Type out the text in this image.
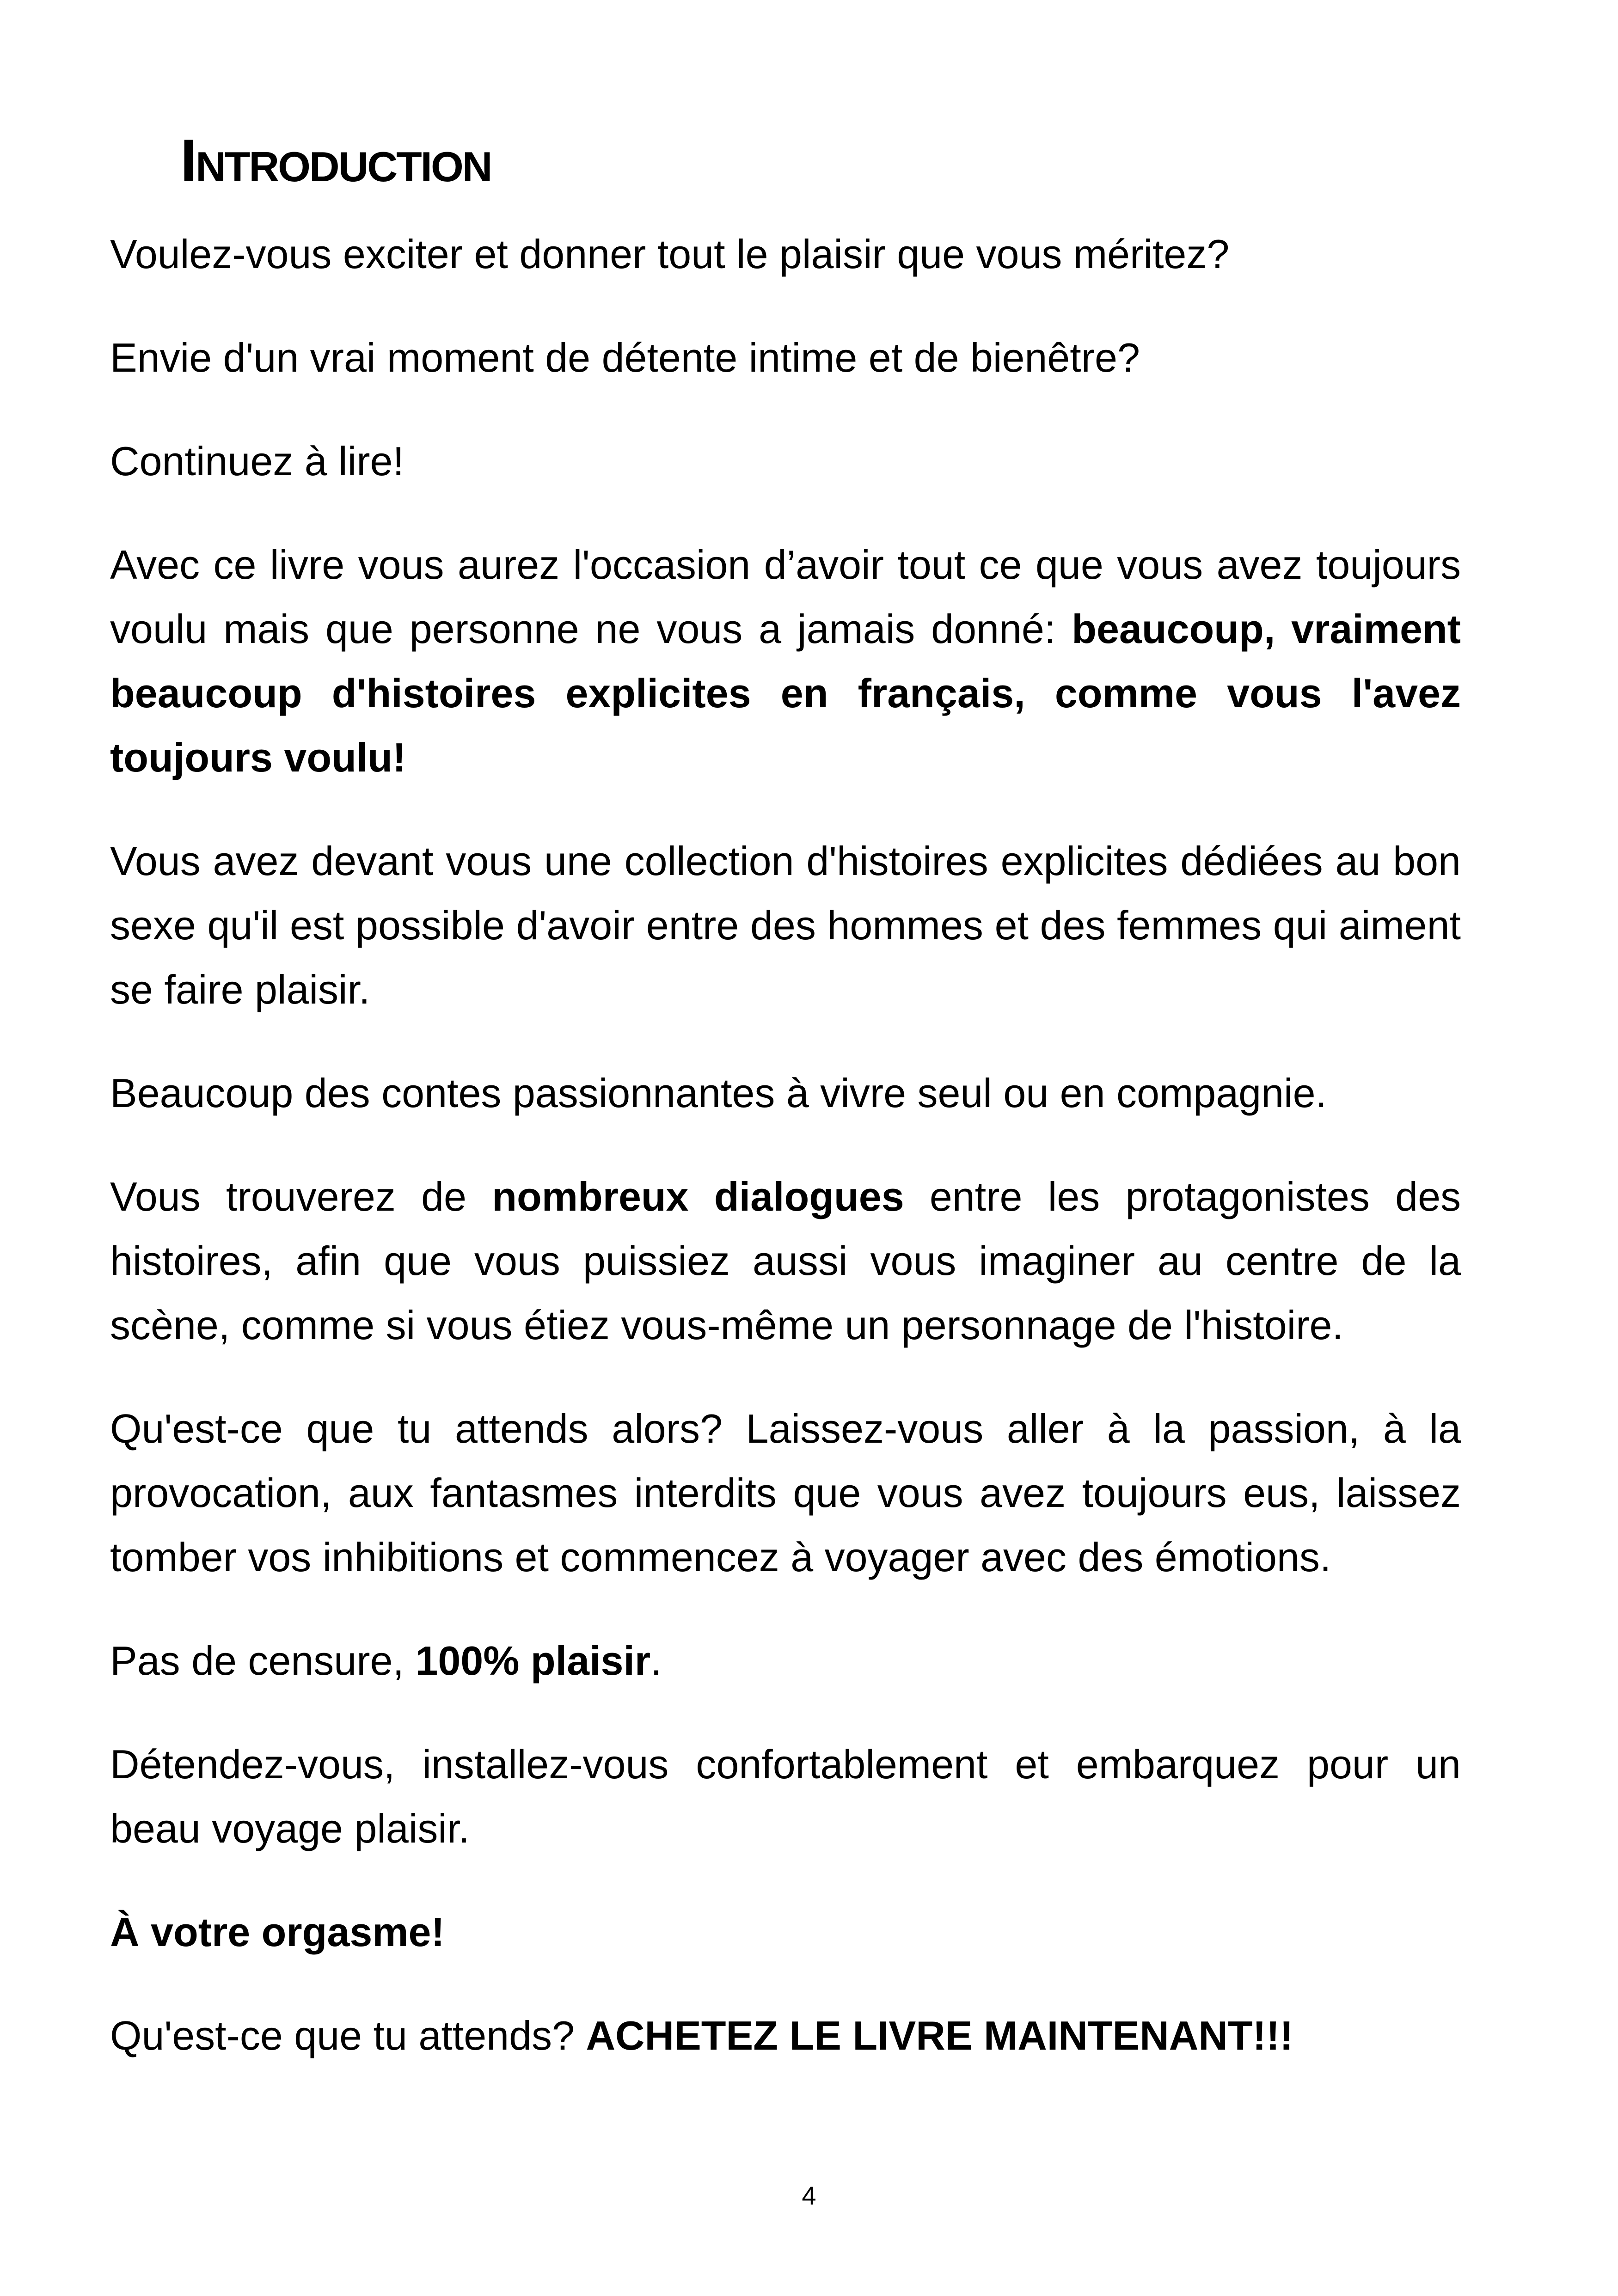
Introduction

Voulez-vous exciter et donner tout le plaisir que vous méritez?

Envie d'un vrai moment de détente intime et de bienêtre?

Continuez à lire!

Avec ce livre vous aurez l'occasion d’avoir tout ce que vous avez toujours voulu mais que personne ne vous a jamais donné: beaucoup, vraiment beaucoup d'histoires explicites en français, comme vous l'avez toujours voulu!

Vous avez devant vous une collection d'histoires explicites dédiées au bon sexe qu'il est possible d'avoir entre des hommes et des femmes qui aiment se faire plaisir.

Beaucoup des contes passionnantes à vivre seul ou en compagnie.

Vous trouverez de nombreux dialogues entre les protagonistes des histoires, afin que vous puissiez aussi vous imaginer au centre de la scène, comme si vous étiez vous-même un personnage de l'histoire.

Qu'est-ce que tu attends alors? Laissez-vous aller à la passion, à la provocation, aux fantasmes interdits que vous avez toujours eus, laissez tomber vos inhibitions et commencez à voyager avec des émotions.

Pas de censure, 100% plaisir.

Détendez-vous, installez-vous confortablement et embarquez pour un beau voyage plaisir.

À votre orgasme!

Qu'est-ce que tu attends? ACHETEZ LE LIVRE MAINTENANT!!!

4
